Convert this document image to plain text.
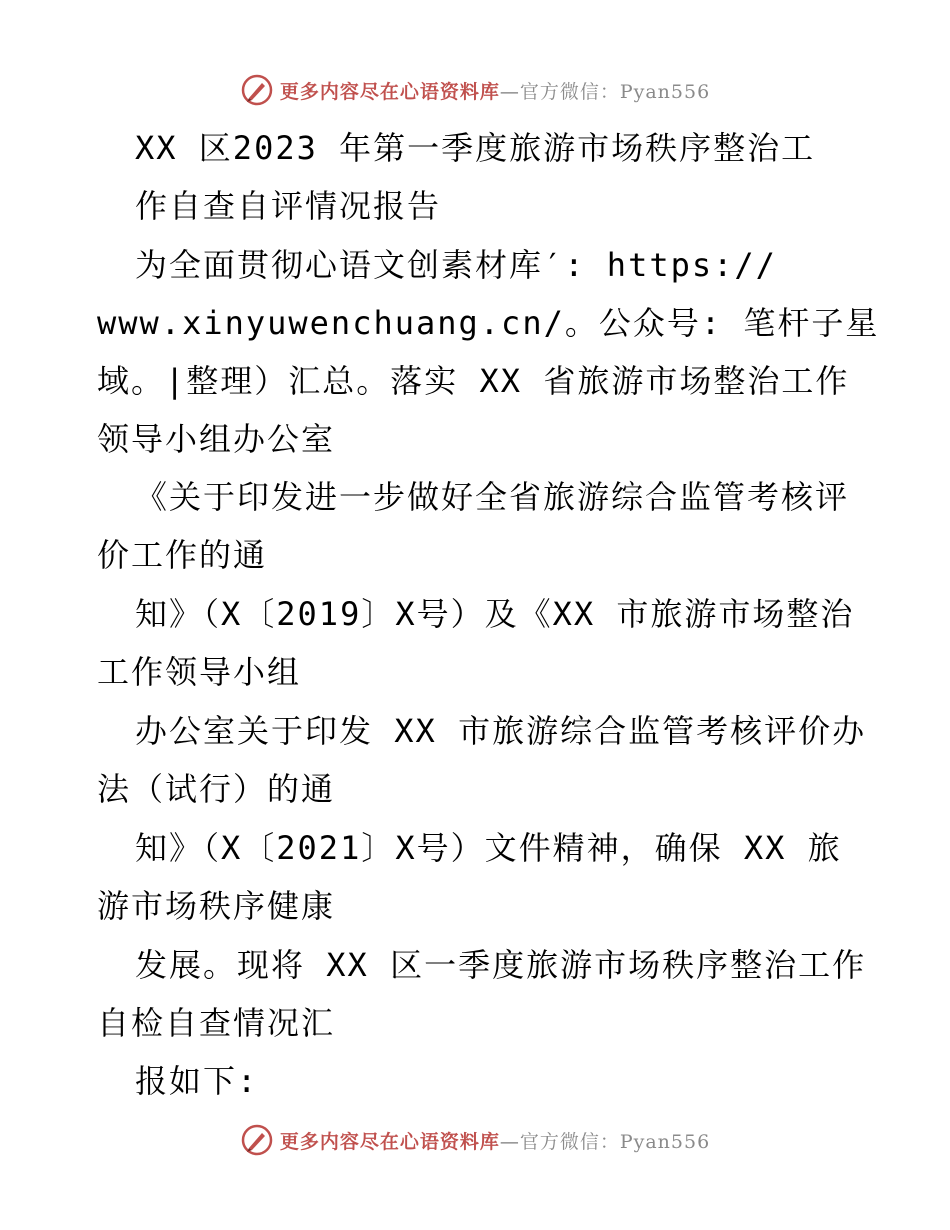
更多内容尽在心语资料库—官方微信：Pyan556
XX 区2023 年第一季度旅游市场秩序整治工
作自查自评情况报告
为全面贯彻心语文创素材库′: https://
www.xinyuwenchuang.cn/。公众号: 笔杆子星
域。|整理）汇总。落实 XX 省旅游市场整治工作
领导小组办公室
《关于印发进一步做好全省旅游综合监管考核评
价工作的通
知》（X〔2019〕X号）及《XX 市旅游市场整治
工作领导小组
办公室关于印发 XX 市旅游综合监管考核评价办
法（试行）的通
知》（X〔2021〕X号）文件精神，确保 XX 旅
游市场秩序健康
发展。现将 XX 区一季度旅游市场秩序整治工作
自检自查情况汇
报如下:
更多内容尽在心语资料库—官方微信：Pyan556
